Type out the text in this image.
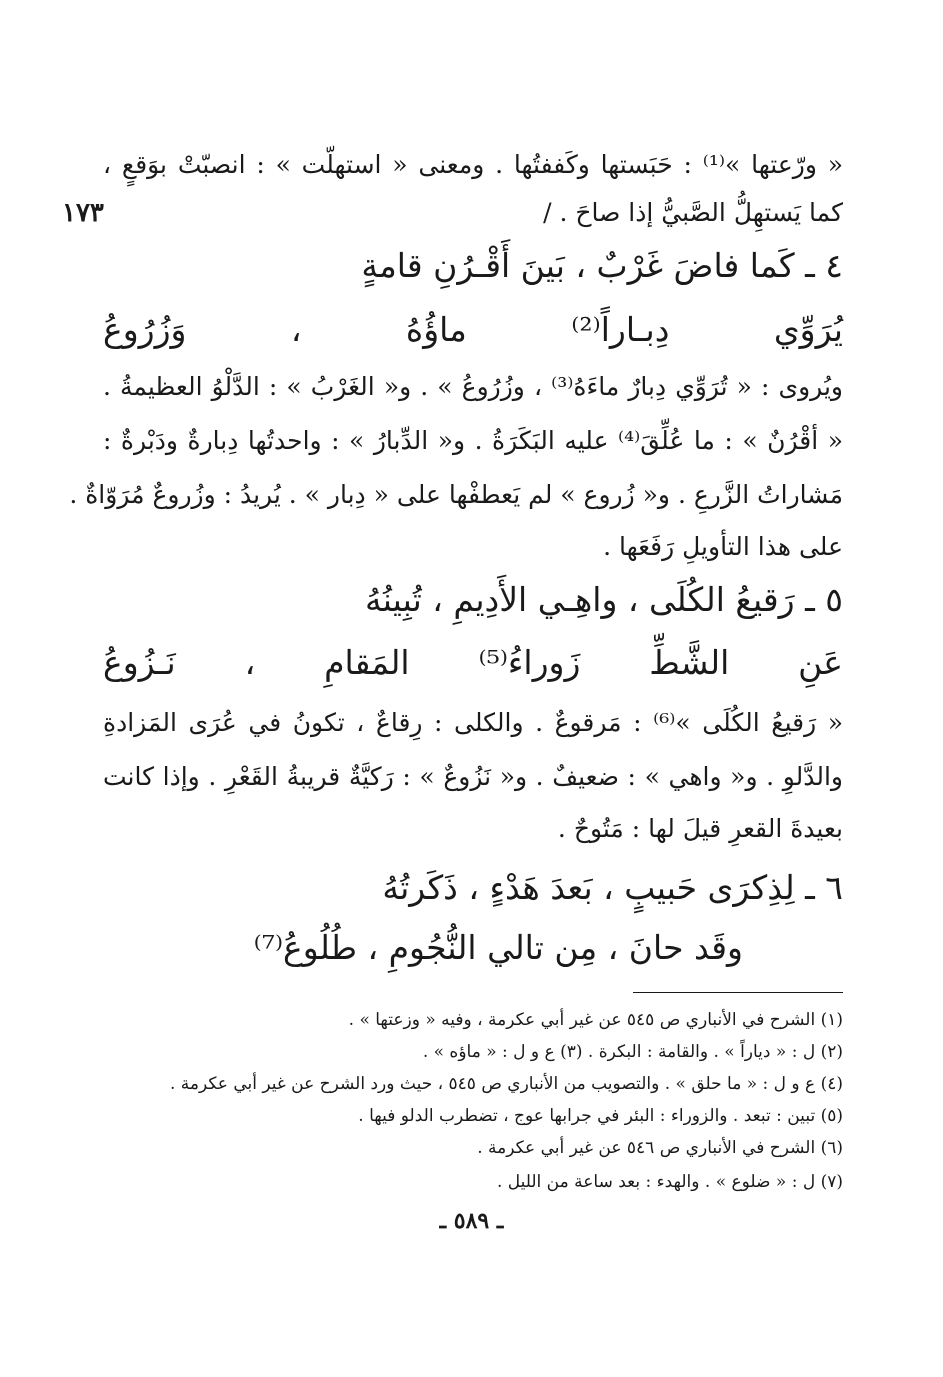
١٧٣
« ورّعتها »⁽¹⁾ : حَبَستها وكَففتُها . ومعنى « استهلّت » : انصبّتْ بوَقعٍ ،
كما يَستهِلُّ الصَّبيُّ إذا صاحَ . /
٤ ـ كَما فاضَ غَرْبٌ ، بَينَ أَقْـرُنِ قامةٍ
يُرَوِّي دِبـاراً⁽²⁾ ماؤُهُ ، وَزُرُوعُ
ويُروى : « تُرَوِّي دِبارٌ ماءَهُ⁽³⁾ ، وزُرُوعُ » . و« الغَرْبُ » : الدَّلْوُ العظيمةُ .
« أقْرُنٌ » : ما عُلِّقَ⁽⁴⁾ عليه البَكَرَةُ . و« الدِّبارُ » : واحدتُها دِبارةٌ ودَبْرةٌ :
مَشاراتُ الزَّرعِ . و« زُروع » لم يَعطفْها على « دِبار » . يُريدُ : وزُروعٌ مُرَوّاةٌ .
على هذا التأويلِ رَفَعَها .
٥ ـ رَقيعُ الكُلَى ، واهِـي الأَدِيمِ ، تُبِينُهُ
عَنِ الشَّطِّ زَوراءُ⁽⁵⁾ المَقامِ ، نَـزُوعُ
« رَقيعُ الكُلَى »⁽⁶⁾ : مَرقوعٌ . والكلى : رِقاعٌ ، تكونُ في عُرَى المَزادةِ
والدَّلوِ . و« واهي » : ضعيفٌ . و« نَزُوعٌ » : رَكيَّةٌ قريبةُ القَعْرِ . وإذا كانت
بعيدةَ القعرِ قيلَ لها : مَتُوحٌ .
٦ ـ لِذِكرَى حَبيبٍ ، بَعدَ هَدْءٍ ، ذَكَرتُهُ
وقَد حانَ ، مِن تالي النُّجُومِ ، طُلُوعُ⁽⁷⁾
(١) الشرح في الأنباري ص ٥٤٥ عن غير أبي عكرمة ، وفيه « وزعتها » .
(٢) ل : « دياراً » . والقامة : البكرة . (٣) ع و ل : « ماؤه » .
(٤) ع و ل : « ما حلق » . والتصويب من الأنباري ص ٥٤٥ ، حيث ورد الشرح عن غير أبي عكرمة .
(٥) تبين : تبعد . والزوراء : البئر في جرابها عوج ، تضطرب الدلو فيها .
(٦) الشرح في الأنباري ص ٥٤٦ عن غير أبي عكرمة .
(٧) ل : « ضلوع » . والهدء : بعد ساعة من الليل .
ـ ٥٨٩ ـ
